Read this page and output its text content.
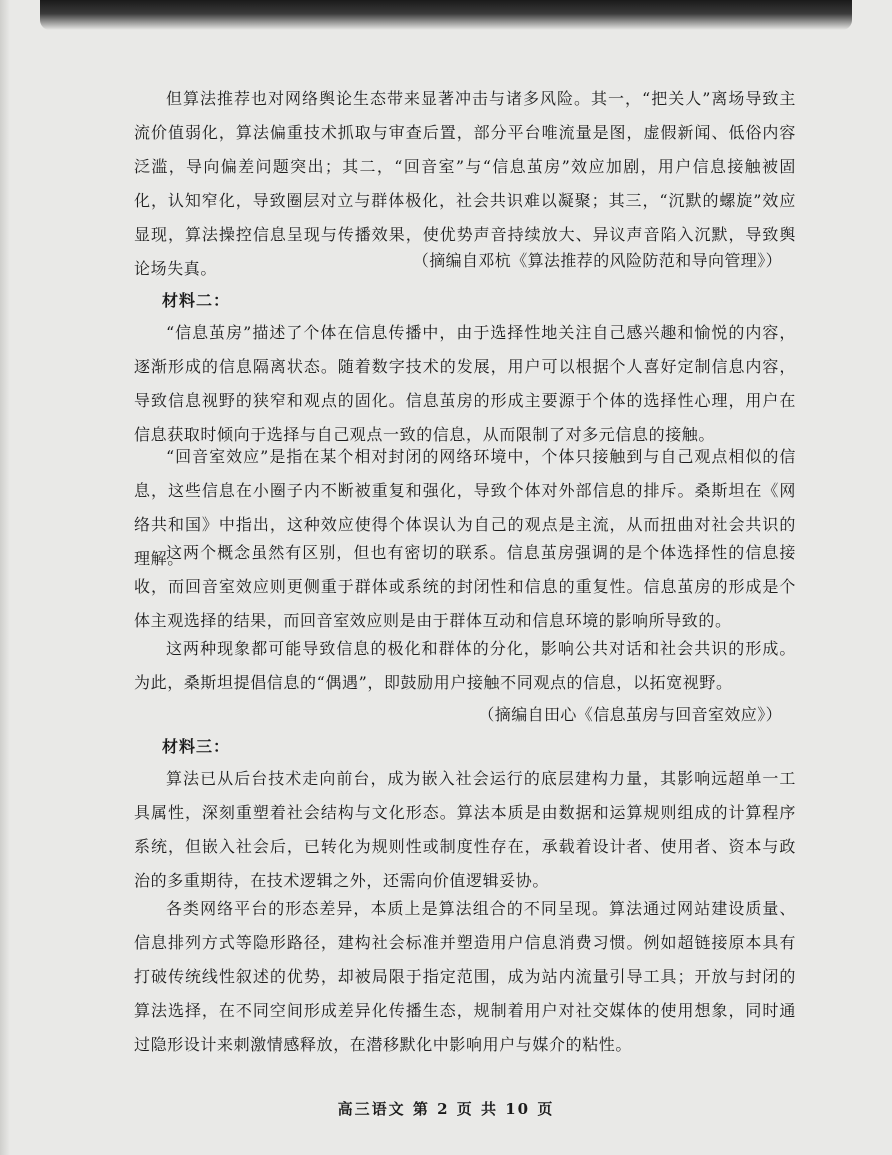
但算法推荐也对网络舆论生态带来显著冲击与诸多风险。其一，“把关人”离场导致主流价值弱化，算法偏重技术抓取与审查后置，部分平台唯流量是图，虚假新闻、低俗内容泛滥，导向偏差问题突出；其二，“回音室”与“信息茧房”效应加剧，用户信息接触被固化，认知窄化，导致圈层对立与群体极化，社会共识难以凝聚；其三，“沉默的螺旋”效应显现，算法操控信息呈现与传播效果，使优势声音持续放大、异议声音陷入沉默，导致舆论场失真。	（摘编自邓杭《算法推荐的风险防范和导向管理》）
材料二：

“信息茧房”描述了个体在信息传播中，由于选择性地关注自己感兴趣和愉悦的内容，逐渐形成的信息隔离状态。随着数字技术的发展，用户可以根据个人喜好定制信息内容，导致信息视野的狭窄和观点的固化。信息茧房的形成主要源于个体的选择性心理，用户在信息获取时倾向于选择与自己观点一致的信息，从而限制了对多元信息的接触。

“回音室效应”是指在某个相对封闭的网络环境中，个体只接触到与自己观点相似的信息，这些信息在小圈子内不断被重复和强化，导致个体对外部信息的排斥。桑斯坦在《网络共和国》中指出，这种效应使得个体误认为自己的观点是主流，从而扭曲对社会共识的理解。

这两个概念虽然有区别，但也有密切的联系。信息茧房强调的是个体选择性的信息接收，而回音室效应则更侧重于群体或系统的封闭性和信息的重复性。信息茧房的形成是个体主观选择的结果，而回音室效应则是由于群体互动和信息环境的影响所导致的。

这两种现象都可能导致信息的极化和群体的分化，影响公共对话和社会共识的形成。为此，桑斯坦提倡信息的“偶遇”，即鼓励用户接触不同观点的信息，以拓宽视野。

（摘编自田心《信息茧房与回音室效应》）
材料三：

算法已从后台技术走向前台，成为嵌入社会运行的底层建构力量，其影响远超单一工具属性，深刻重塑着社会结构与文化形态。算法本质是由数据和运算规则组成的计算程序系统，但嵌入社会后，已转化为规则性或制度性存在，承载着设计者、使用者、资本与政治的多重期待，在技术逻辑之外，还需向价值逻辑妥协。

各类网络平台的形态差异，本质上是算法组合的不同呈现。算法通过网站建设质量、信息排列方式等隐形路径，建构社会标准并塑造用户信息消费习惯。例如超链接原本具有打破传统线性叙述的优势，却被局限于指定范围，成为站内流量引导工具；开放与封闭的算法选择，在不同空间形成差异化传播生态，规制着用户对社交媒体的使用想象，同时通过隐形设计来刺激情感释放，在潜移默化中影响用户与媒介的粘性。

高三语文 第 2 页 共 10 页
